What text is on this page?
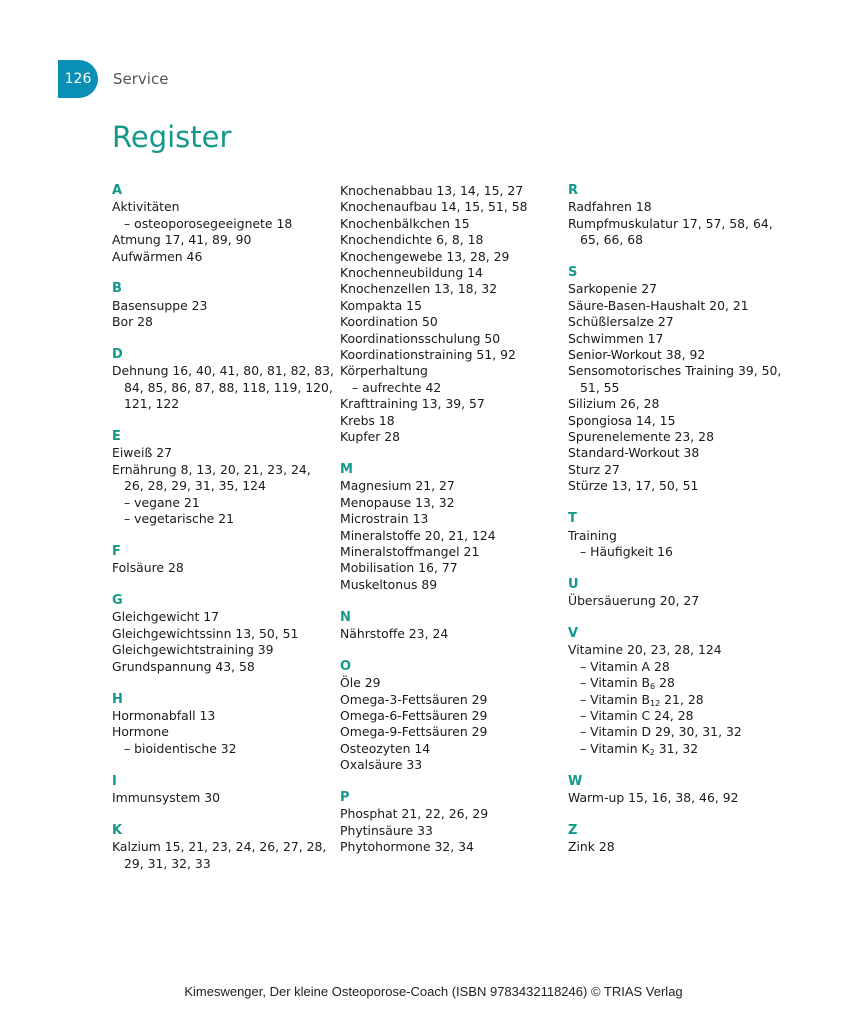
126	Service
Register
A
Aktivitäten
– osteoporosegeeignete 18
Atmung 17, 41, 89, 90
Aufwärmen 46
B
Basensuppe 23
Bor 28
D
Dehnung 16, 40, 41, 80, 81, 82, 83, 84, 85, 86, 87, 88, 118, 119, 120, 121, 122
E
Eiweiß 27
Ernährung 8, 13, 20, 21, 23, 24, 26, 28, 29, 31, 35, 124
– vegane 21
– vegetarische 21
F
Folsäure 28
G
Gleichgewicht 17
Gleichgewichtssinn 13, 50, 51
Gleichgewichtstraining 39
Grundspannung 43, 58
H
Hormonabfall 13
Hormone
– bioidentische 32
I
Immunsystem 30
K
Kalzium 15, 21, 23, 24, 26, 27, 28, 29, 31, 32, 33
Knochenabbau 13, 14, 15, 27
Knochenaufbau 14, 15, 51, 58
Knochenbälkchen 15
Knochendichte 6, 8, 18
Knochengewebe 13, 28, 29
Knochenneubildung 14
Knochenzellen 13, 18, 32
Kompakta 15
Koordination 50
Koordinationsschulung 50
Koordinationstraining 51, 92
Körperhaltung
– aufrechte 42
Krafttraining 13, 39, 57
Krebs 18
Kupfer 28
M
Magnesium 21, 27
Menopause 13, 32
Microstrain 13
Mineralstoffe 20, 21, 124
Mineralstoffmangel 21
Mobilisation 16, 77
Muskeltonus 89
N
Nährstoffe 23, 24
O
Öle 29
Omega-3-Fettsäuren 29
Omega-6-Fettsäuren 29
Omega-9-Fettsäuren 29
Osteozyten 14
Oxalsäure 33
P
Phosphat 21, 22, 26, 29
Phytinsäure 33
Phytohormone 32, 34
R
Radfahren 18
Rumpfmuskulatur 17, 57, 58, 64, 65, 66, 68
S
Sarkopenie 27
Säure-Basen-Haushalt 20, 21
Schüßlersalze 27
Schwimmen 17
Senior-Workout 38, 92
Sensomotorisches Training 39, 50, 51, 55
Silizium 26, 28
Spongiosa 14, 15
Spurenelemente 23, 28
Standard-Workout 38
Sturz 27
Stürze 13, 17, 50, 51
T
Training
– Häufigkeit 16
U
Übersäuerung 20, 27
V
Vitamine 20, 23, 28, 124
– Vitamin A 28
– Vitamin $B_6$ 28
– Vitamin $B_{12}$ 21, 28
– Vitamin C 24, 28
– Vitamin D 29, 30, 31, 32
– Vitamin $K_2$ 31, 32
W
Warm-up 15, 16, 38, 46, 92
Z
Zink 28
Kimeswenger, Der kleine Osteoporose-Coach (ISBN 9783432118246) © TRIAS Verlag
